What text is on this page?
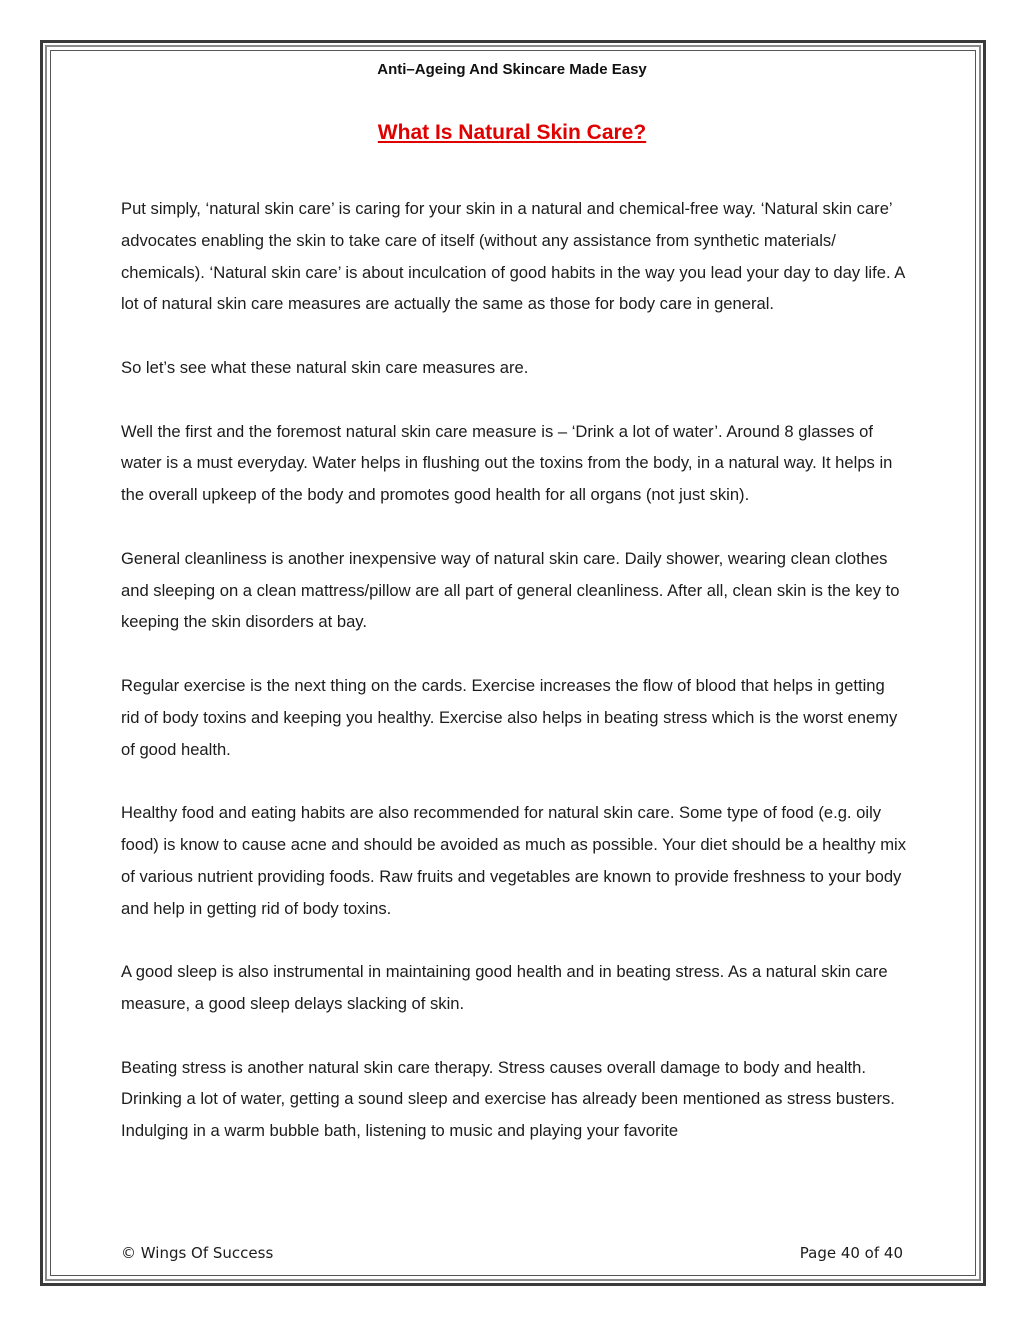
Anti–Ageing And Skincare Made Easy
What Is Natural Skin Care?

Put simply, ‘natural skin care’ is caring for your skin in a natural and chemical-free way. ‘Natural skin care’ advocates enabling the skin to take care of itself (without any assistance from synthetic materials/ chemicals). ‘Natural skin care’ is about inculcation of good habits in the way you lead your day to day life. A lot of natural skin care measures are actually the same as those for body care in general.

So let’s see what these natural skin care measures are.

Well the first and the foremost natural skin care measure is – ‘Drink a lot of water’. Around 8 glasses of water is a must everyday. Water helps in flushing out the toxins from the body, in a natural way. It helps in the overall upkeep of the body and promotes good health for all organs (not just skin).

General cleanliness is another inexpensive way of natural skin care. Daily shower, wearing clean clothes and sleeping on a clean mattress/pillow are all part of general cleanliness. After all, clean skin is the key to keeping the skin disorders at bay.

Regular exercise is the next thing on the cards. Exercise increases the flow of blood that helps in getting rid of body toxins and keeping you healthy. Exercise also helps in beating stress which is the worst enemy of good health.

Healthy food and eating habits are also recommended for natural skin care. Some type of food (e.g. oily food) is know to cause acne and should be avoided as much as possible. Your diet should be a healthy mix of various nutrient providing foods. Raw fruits and vegetables are known to provide freshness to your body and help in getting rid of body toxins.

A good sleep is also instrumental in maintaining good health and in beating stress. As a natural skin care measure, a good sleep delays slacking of skin.

Beating stress is another natural skin care therapy. Stress causes overall damage to body and health. Drinking a lot of water, getting a sound sleep and exercise has already been mentioned as stress busters. Indulging in a warm bubble bath, listening to music and playing your favorite

© Wings Of Success	Page 40 of 40
